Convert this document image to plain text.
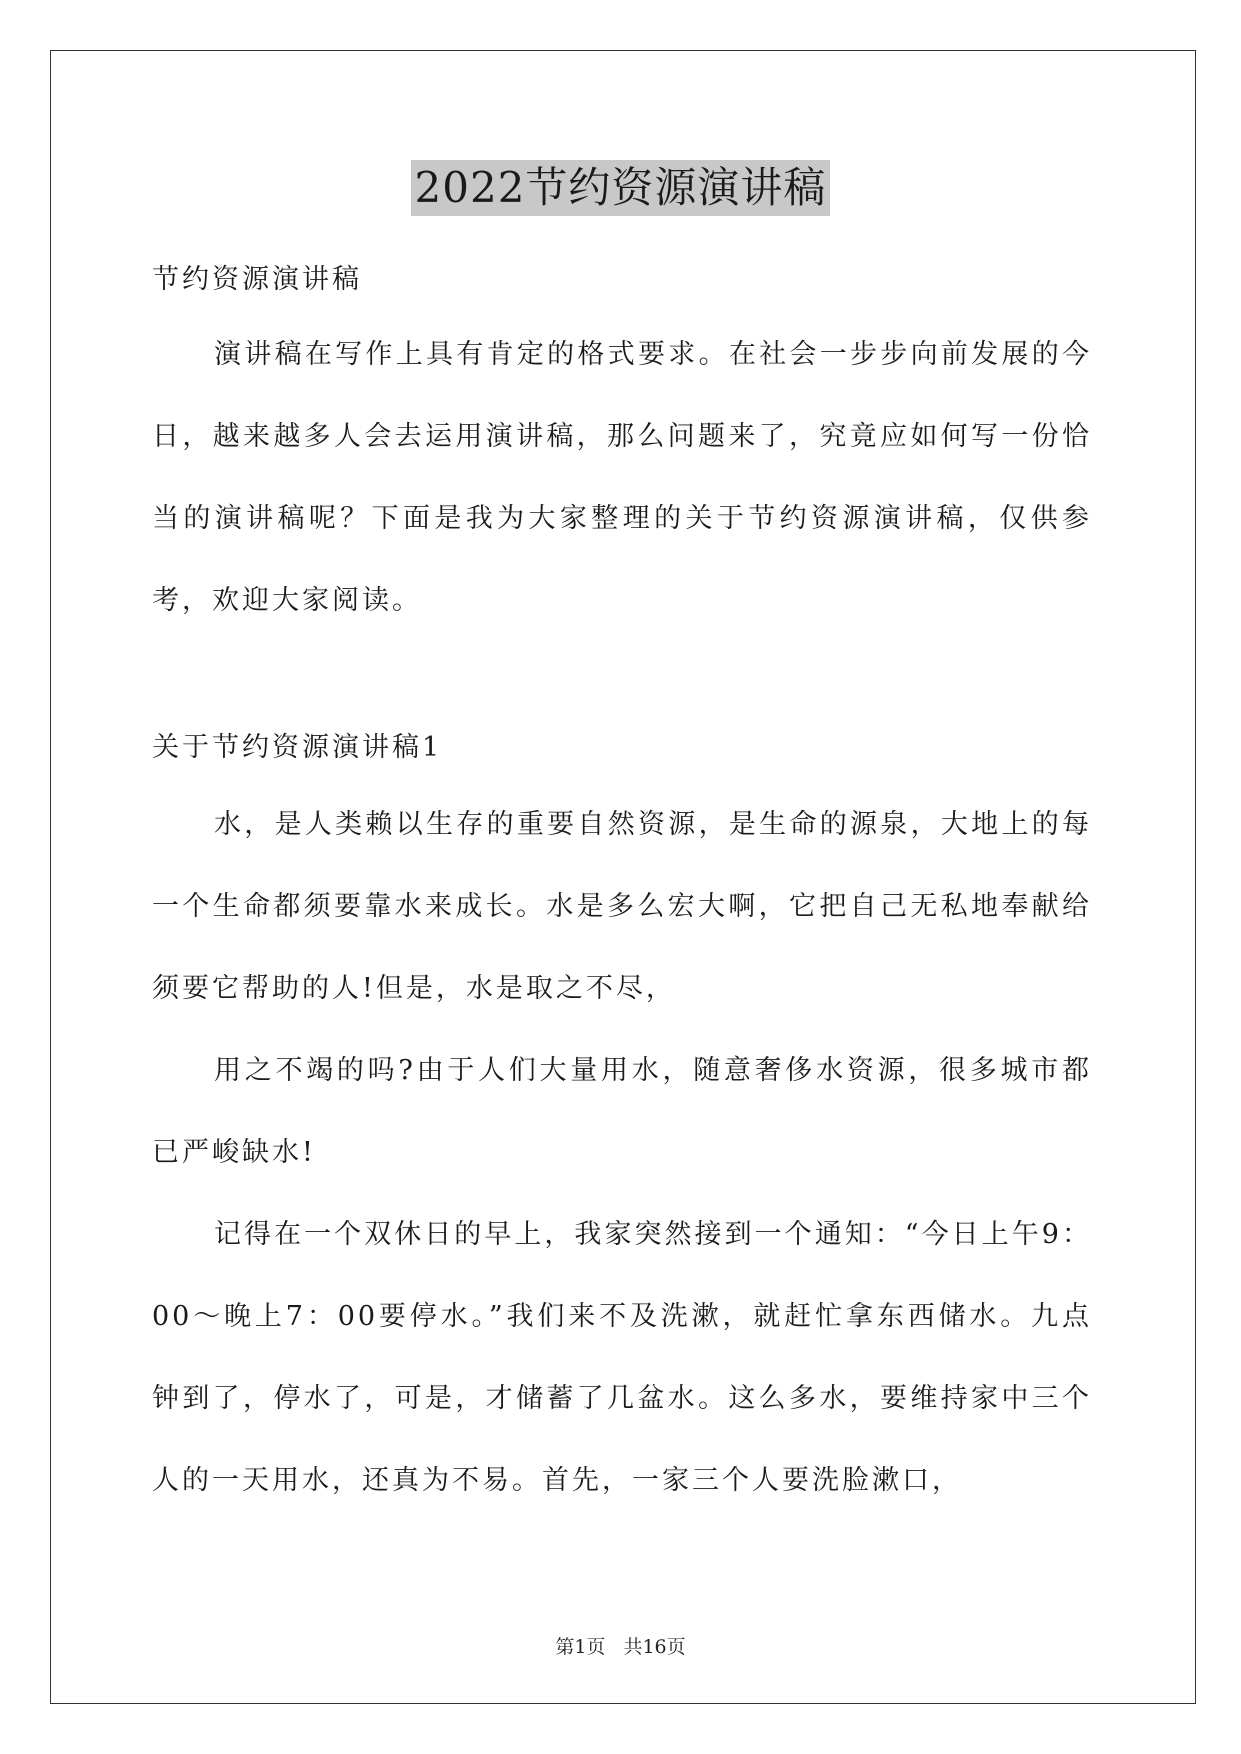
2022节约资源演讲稿

节约资源演讲稿

演讲稿在写作上具有肯定的格式要求。在社会一步步向前发展的今日，越来越多人会去运用演讲稿，那么问题来了，究竟应如何写一份恰当的演讲稿呢？下面是我为大家整理的关于节约资源演讲稿，仅供参考，欢迎大家阅读。

关于节约资源演讲稿1

水，是人类赖以生存的重要自然资源，是生命的源泉，大地上的每一个生命都须要靠水来成长。水是多么宏大啊，它把自己无私地奉献给须要它帮助的人!但是，水是取之不尽，

用之不竭的吗?由于人们大量用水，随意奢侈水资源，很多城市都已严峻缺水!

记得在一个双休日的早上，我家突然接到一个通知：“今日上午9：00～晚上7：00要停水。”我们来不及洗漱，就赶忙拿东西储水。九点钟到了，停水了，可是，才储蓄了几盆水。这么多水，要维持家中三个人的一天用水，还真为不易。首先，一家三个人要洗脸漱口，

第1页 共16页
